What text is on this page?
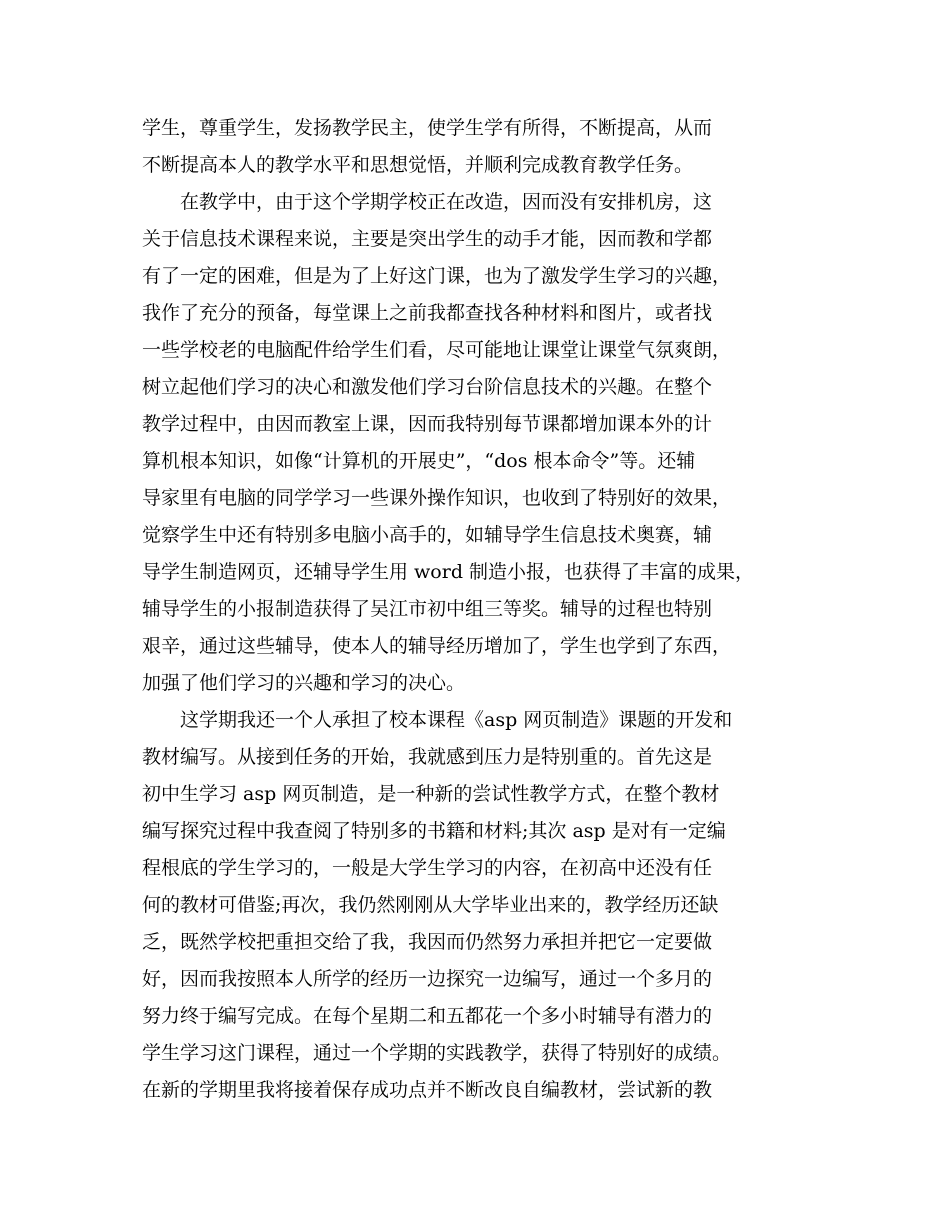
学生，尊重学生，发扬教学民主，使学生学有所得，不断提高，从而
不断提高本人的教学水平和思想觉悟，并顺利完成教育教学任务。
　　在教学中，由于这个学期学校正在改造，因而没有安排机房，这
关于信息技术课程来说，主要是突出学生的动手才能，因而教和学都
有了一定的困难，但是为了上好这门课，也为了激发学生学习的兴趣，
我作了充分的预备，每堂课上之前我都查找各种材料和图片，或者找
一些学校老的电脑配件给学生们看，尽可能地让课堂让课堂气氛爽朗，
树立起他们学习的决心和激发他们学习台阶信息技术的兴趣。在整个
教学过程中，由因而教室上课，因而我特别每节课都增加课本外的计
算机根本知识，如像“计算机的开展史”，“dos 根本命令”等。还辅
导家里有电脑的同学学习一些课外操作知识，也收到了特别好的效果，
觉察学生中还有特别多电脑小高手的，如辅导学生信息技术奥赛，辅
导学生制造网页，还辅导学生用 word 制造小报，也获得了丰富的成果，
辅导学生的小报制造获得了吴江市初中组三等奖。辅导的过程也特别
艰辛，通过这些辅导，使本人的辅导经历增加了，学生也学到了东西，
加强了他们学习的兴趣和学习的决心。
　　这学期我还一个人承担了校本课程《asp 网页制造》课题的开发和
教材编写。从接到任务的开始，我就感到压力是特别重的。首先这是
初中生学习 asp 网页制造，是一种新的尝试性教学方式，在整个教材
编写探究过程中我查阅了特别多的书籍和材料;其次 asp 是对有一定编
程根底的学生学习的，一般是大学生学习的内容，在初高中还没有任
何的教材可借鉴;再次，我仍然刚刚从大学毕业出来的，教学经历还缺
乏，既然学校把重担交给了我，我因而仍然努力承担并把它一定要做
好，因而我按照本人所学的经历一边探究一边编写，通过一个多月的
努力终于编写完成。在每个星期二和五都花一个多小时辅导有潜力的
学生学习这门课程，通过一个学期的实践教学，获得了特别好的成绩。
在新的学期里我将接着保存成功点并不断改良自编教材，尝试新的教
